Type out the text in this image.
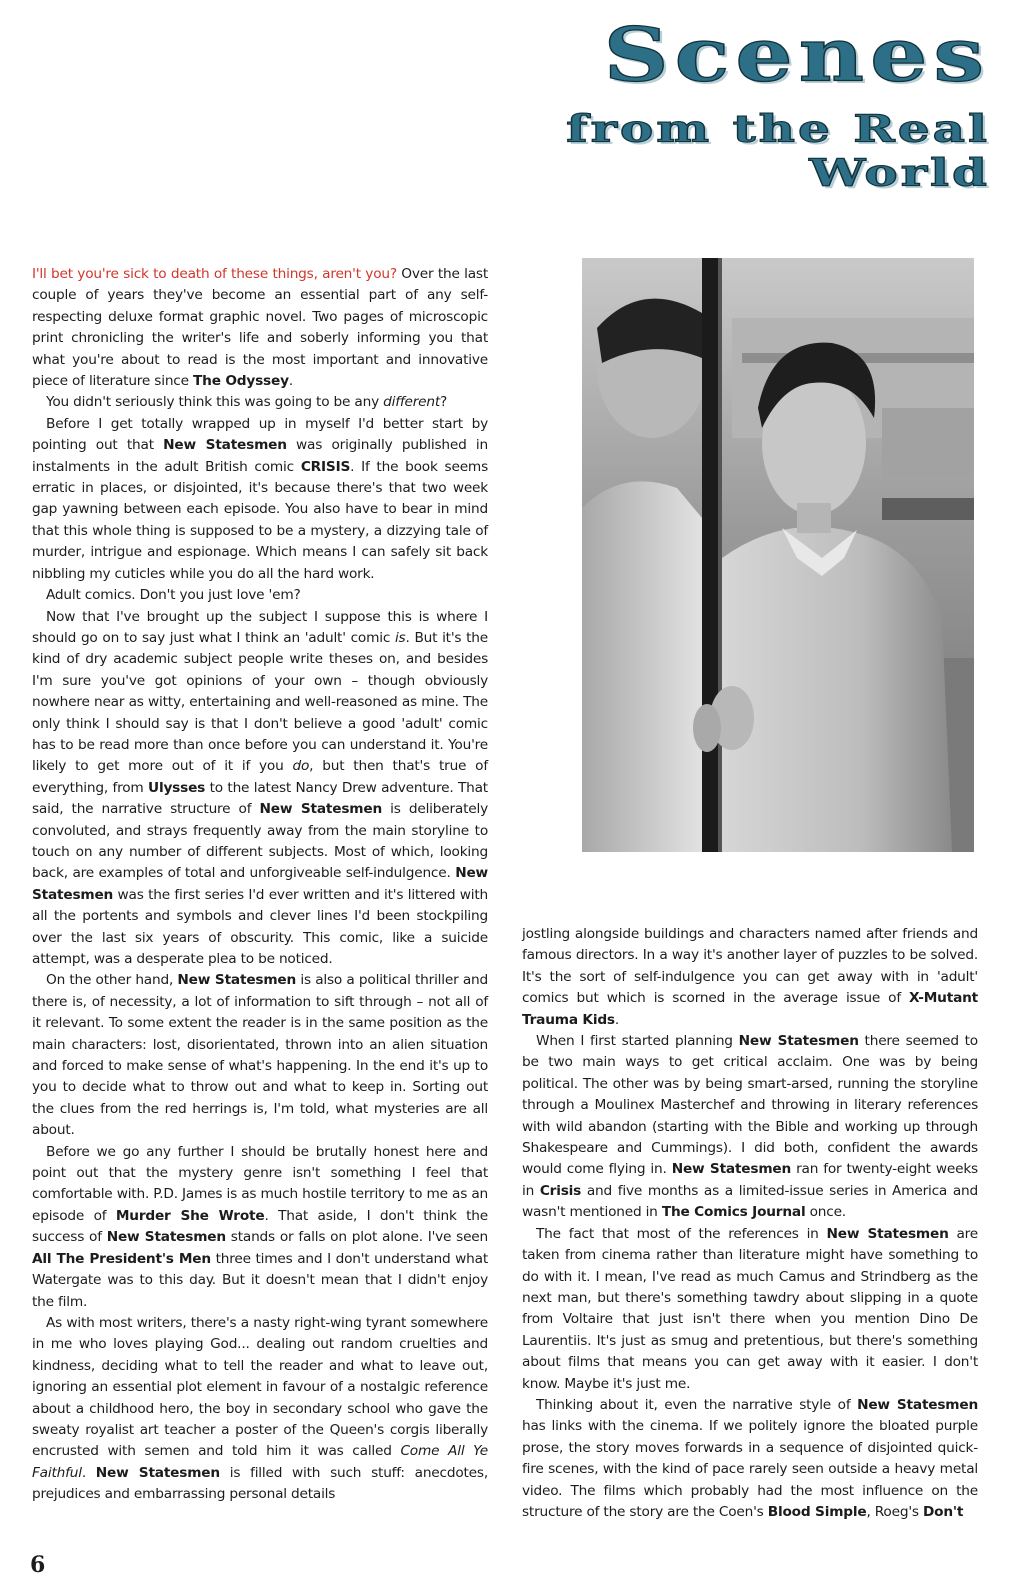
Scenes
from the Real
World

I'll bet you're sick to death of these things, aren't you? Over the last couple of years they've become an essential part of any self-respecting deluxe format graphic novel. Two pages of microscopic print chronicling the writer's life and soberly informing you that what you're about to read is the most important and innovative piece of literature since The Odyssey.

You didn't seriously think this was going to be any different?

Before I get totally wrapped up in myself I'd better start by pointing out that New Statesmen was originally published in instalments in the adult British comic CRISIS. If the book seems erratic in places, or disjointed, it's because there's that two week gap yawning between each episode. You also have to bear in mind that this whole thing is supposed to be a mystery, a dizzying tale of murder, intrigue and espionage. Which means I can safely sit back nibbling my cuticles while you do all the hard work.

Adult comics. Don't you just love 'em?

Now that I've brought up the subject I suppose this is where I should go on to say just what I think an 'adult' comic is. But it's the kind of dry academic subject people write theses on, and besides I'm sure you've got opinions of your own – though obviously nowhere near as witty, entertaining and well-reasoned as mine. The only think I should say is that I don't believe a good 'adult' comic has to be read more than once before you can understand it. You're likely to get more out of it if you do, but then that's true of everything, from Ulysses to the latest Nancy Drew adventure. That said, the narrative structure of New Statesmen is deliberately convoluted, and strays frequently away from the main storyline to touch on any number of different subjects. Most of which, looking back, are examples of total and unforgiveable self-indulgence. New Statesmen was the first series I'd ever written and it's littered with all the portents and symbols and clever lines I'd been stockpiling over the last six years of obscurity. This comic, like a suicide attempt, was a desperate plea to be noticed.

On the other hand, New Statesmen is also a political thriller and there is, of necessity, a lot of information to sift through – not all of it relevant. To some extent the reader is in the same position as the main characters: lost, disorientated, thrown into an alien situation and forced to make sense of what's happening. In the end it's up to you to decide what to throw out and what to keep in. Sorting out the clues from the red herrings is, I'm told, what mysteries are all about.

Before we go any further I should be brutally honest here and point out that the mystery genre isn't something I feel that comfortable with. P.D. James is as much hostile territory to me as an episode of Murder She Wrote. That aside, I don't think the success of New Statesmen stands or falls on plot alone. I've seen All The President's Men three times and I don't understand what Watergate was to this day. But it doesn't mean that I didn't enjoy the film.

As with most writers, there's a nasty right-wing tyrant somewhere in me who loves playing God... dealing out random cruelties and kindness, deciding what to tell the reader and what to leave out, ignoring an essential plot element in favour of a nostalgic reference about a childhood hero, the boy in secondary school who gave the sweaty royalist art teacher a poster of the Queen's corgis liberally encrusted with semen and told him it was called Come All Ye Faithful. New Statesmen is filled with such stuff: anecdotes, prejudices and embarrassing personal details

jostling alongside buildings and characters named after friends and famous directors. In a way it's another layer of puzzles to be solved. It's the sort of self-indulgence you can get away with in 'adult' comics but which is scorned in the average issue of X-Mutant Trauma Kids.

When I first started planning New Statesmen there seemed to be two main ways to get critical acclaim. One was by being political. The other was by being smart-arsed, running the storyline through a Moulinex Masterchef and throwing in literary references with wild abandon (starting with the Bible and working up through Shakespeare and Cummings). I did both, confident the awards would come flying in. New Statesmen ran for twenty-eight weeks in Crisis and five months as a limited-issue series in America and wasn't mentioned in The Comics Journal once.

The fact that most of the references in New Statesmen are taken from cinema rather than literature might have something to do with it. I mean, I've read as much Camus and Strindberg as the next man, but there's something tawdry about slipping in a quote from Voltaire that just isn't there when you mention Dino De Laurentiis. It's just as smug and pretentious, but there's something about films that means you can get away with it easier. I don't know. Maybe it's just me.

Thinking about it, even the narrative style of New Statesmen has links with the cinema. If we politely ignore the bloated purple prose, the story moves forwards in a sequence of disjointed quick-fire scenes, with the kind of pace rarely seen outside a heavy metal video. The films which probably had the most influence on the structure of the story are the Coen's Blood Simple, Roeg's Don't

6
